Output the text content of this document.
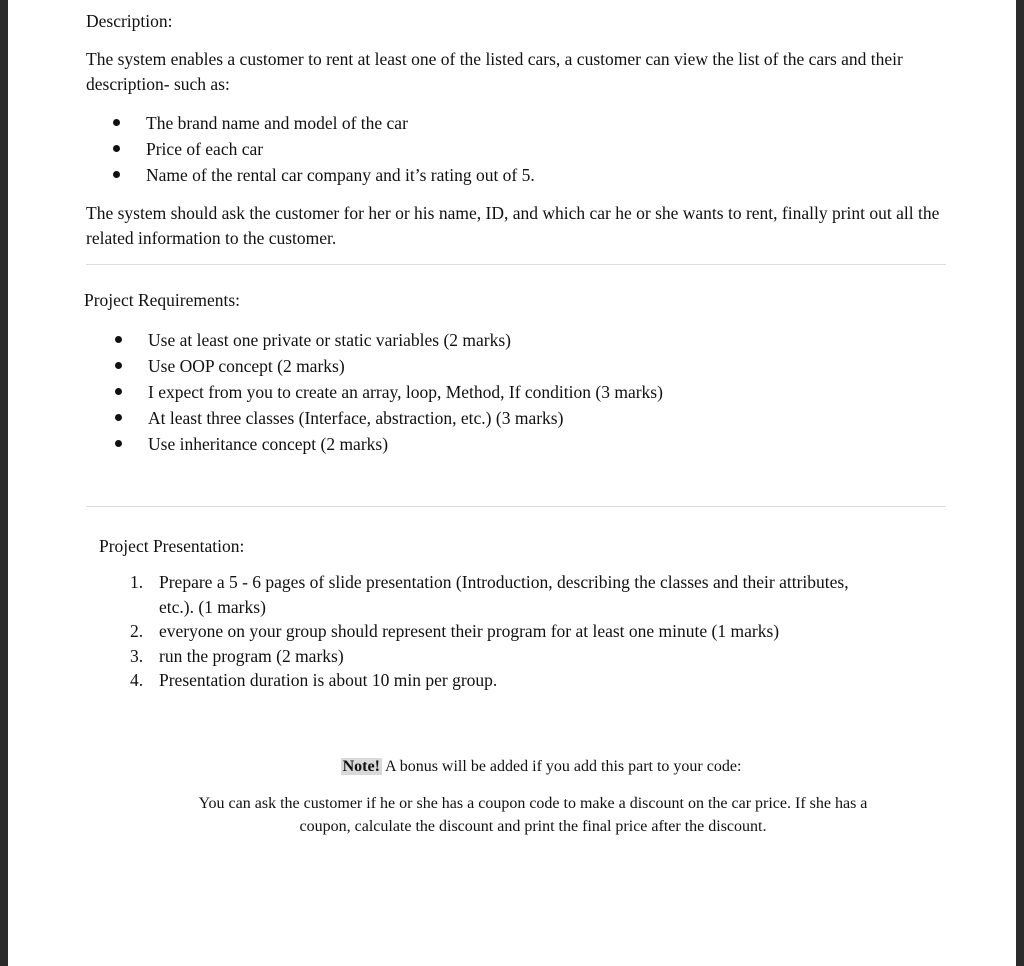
Description:

The system enables a customer to rent at least one of the listed cars, a customer can view the list of the cars and their description- such as:

The brand name and model of the car
Price of each car
Name of the rental car company and it’s rating out of 5.

The system should ask the customer for her or his name, ID, and which car he or she wants to rent, finally print out all the related information to the customer.

Project Requirements:

Use at least one private or static variables (2 marks)
Use OOP concept (2 marks)
I expect from you to create an array, loop, Method, If condition (3 marks)
At least three classes (Interface, abstraction, etc.) (3 marks)
Use inheritance concept (2 marks)

Project Presentation:

1. Prepare a 5 - 6 pages of slide presentation (Introduction, describing the classes and their attributes,
etc.). (1 marks)
2. everyone on your group should represent their program for at least one minute (1 marks)
3. run the program (2 marks)
4. Presentation duration is about 10 min per group.
Note! A bonus will be added if you add this part to your code:

You can ask the customer if he or she has a coupon code to make a discount on the car price. If she has a
coupon, calculate the discount and print the final price after the discount.
